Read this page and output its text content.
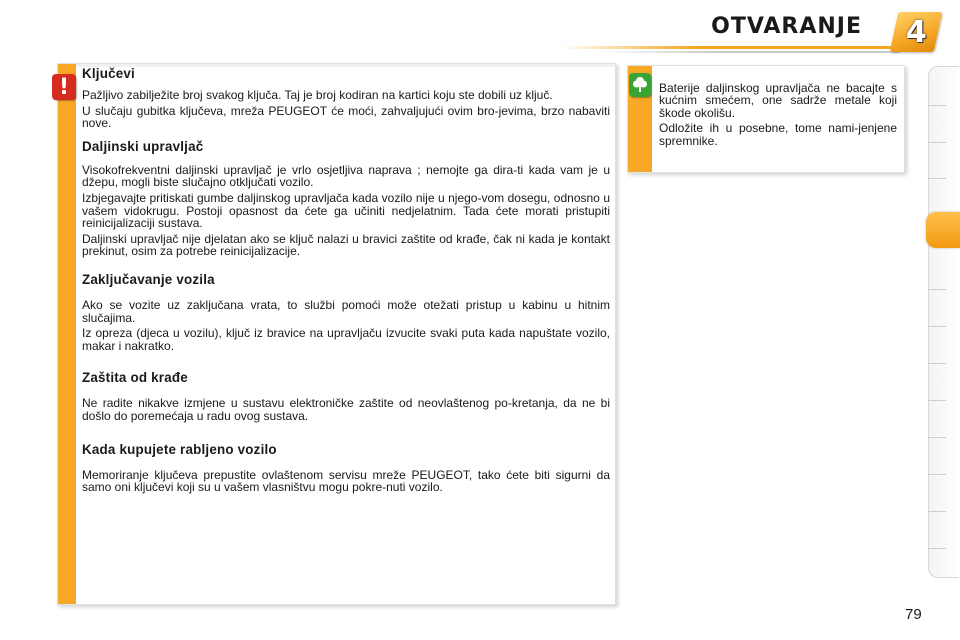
OTVARANJE 4
!
Ključevi

Pažljivo zabilježite broj svakog ključa. Taj je broj kodiran na kartici koju ste dobili uz ključ.

U slučaju gubitka ključeva, mreža PEUGEOT će moći, zahvaljujući ovim bro-jevima, brzo nabaviti nove.

Daljinski upravljač

Visokofrekventni daljinski upravljač je vrlo osjetljiva naprava ; nemojte ga dira-ti kada vam je u džepu, mogli biste slučajno otključati vozilo.

Izbjegavajte pritiskati gumbe daljinskog upravljača kada vozilo nije u njego-vom dosegu, odnosno u vašem vidokrugu. Postoji opasnost da ćete ga učiniti nedjelatnim. Tada ćete morati pristupiti reinicijalizaciji sustava.

Daljinski upravljač nije djelatan ako se ključ nalazi u bravici zaštite od krađe, čak ni kada je kontakt prekinut, osim za potrebe reinicijalizacije.

Zaključavanje vozila

Ako se vozite uz zaključana vrata, to službi pomoći može otežati pristup u kabinu u hitnim slučajima.

Iz opreza (djeca u vozilu), ključ iz bravice na upravljaču izvucite svaki puta kada napuštate vozilo, makar i nakratko.

Zaštita od krađe

Ne radite nikakve izmjene u sustavu elektroničke zaštite od neovlaštenog po-kretanja, da ne bi došlo do poremećaja u radu ovog sustava.

Kada kupujete rabljeno vozilo

Memoriranje ključeva prepustite ovlaštenom servisu mreže PEUGEOT, tako ćete biti sigurni da samo oni ključevi koji su u vašem vlasništvu mogu pokre-nuti vozilo.

Baterije daljinskog upravljača ne bacajte s kućnim smećem, one sadrže metale koji škode okolišu.

Odložite ih u posebne, tome nami-jenjene spremnike.

79
